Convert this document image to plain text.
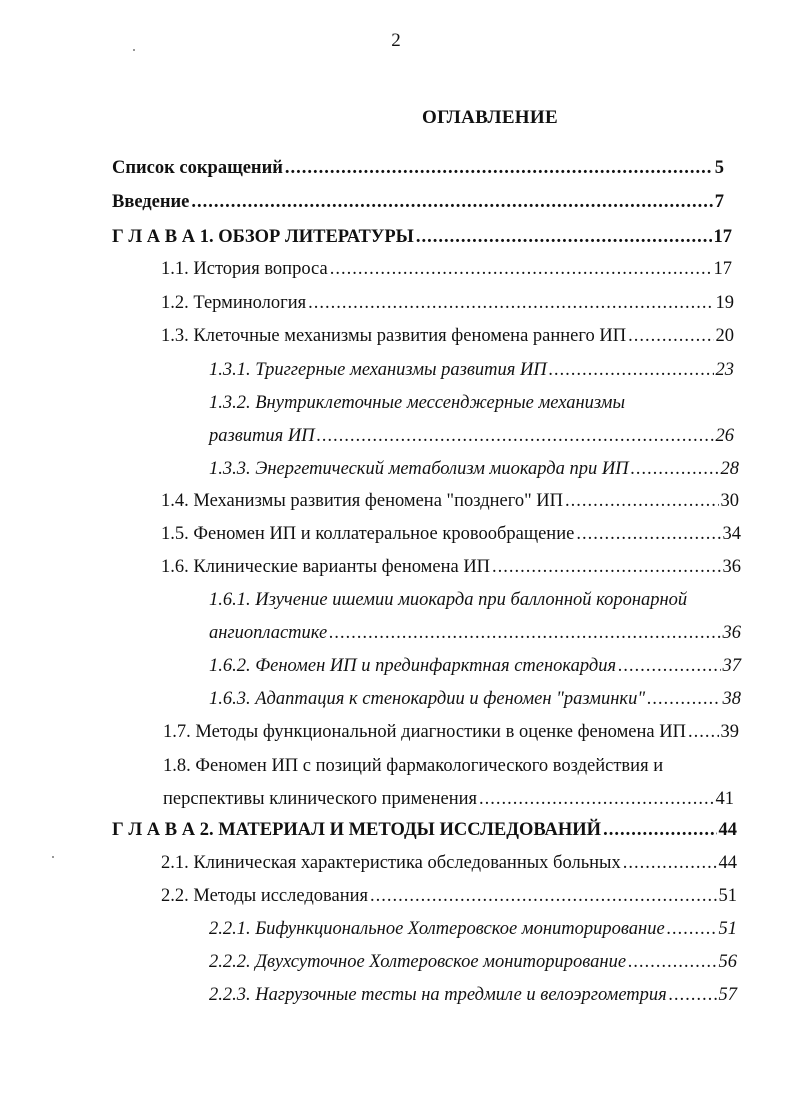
2
ОГЛАВЛЕНИЕ
Список сокращений .....	5
Введение .....	7
Г Л А В А 1. ОБЗОР ЛИТЕРАТУРЫ .....	17
1.1. История вопроса .....	17
1.2. Терминология .....	19
1.3. Клеточные механизмы развития феномена раннего ИП .....	20
1.3.1. Триггерные механизмы развития ИП .....	23
1.3.2. Внутриклеточные мессенджерные механизмы
развития ИП .....	26
1.3.3. Энергетический метаболизм миокарда при ИП .....	28
1.4. Механизмы развития феномена "позднего" ИП .....	30
1.5. Феномен ИП и коллатеральное кровообращение .....	34
1.6. Клинические варианты феномена ИП .....	36
1.6.1. Изучение ишемии миокарда при баллонной коронарной
ангиопластике .....	36
1.6.2. Феномен ИП и прединфарктная стенокардия .....	37
1.6.3. Адаптация к стенокардии и феномен "разминки" .....	38
1.7. Методы функциональной диагностики в оценке феномена ИП ..... 39
1.8. Феномен ИП с позиций фармакологического воздействия и
перспективы клинического применения .....	41
Г Л А В А 2. МАТЕРИАЛ И МЕТОДЫ ИССЛЕДОВАНИЙ .....	44
2.1. Клиническая характеристика обследованных больных .....	44
2.2. Методы исследования .....	51
2.2.1. Бифункциональное Холтеровское мониторирование .....	51
2.2.2. Двухсуточное Холтеровское мониторирование .....	56
2.2.3. Нагрузочные тесты на тредмиле и велоэргометрия .....	57
